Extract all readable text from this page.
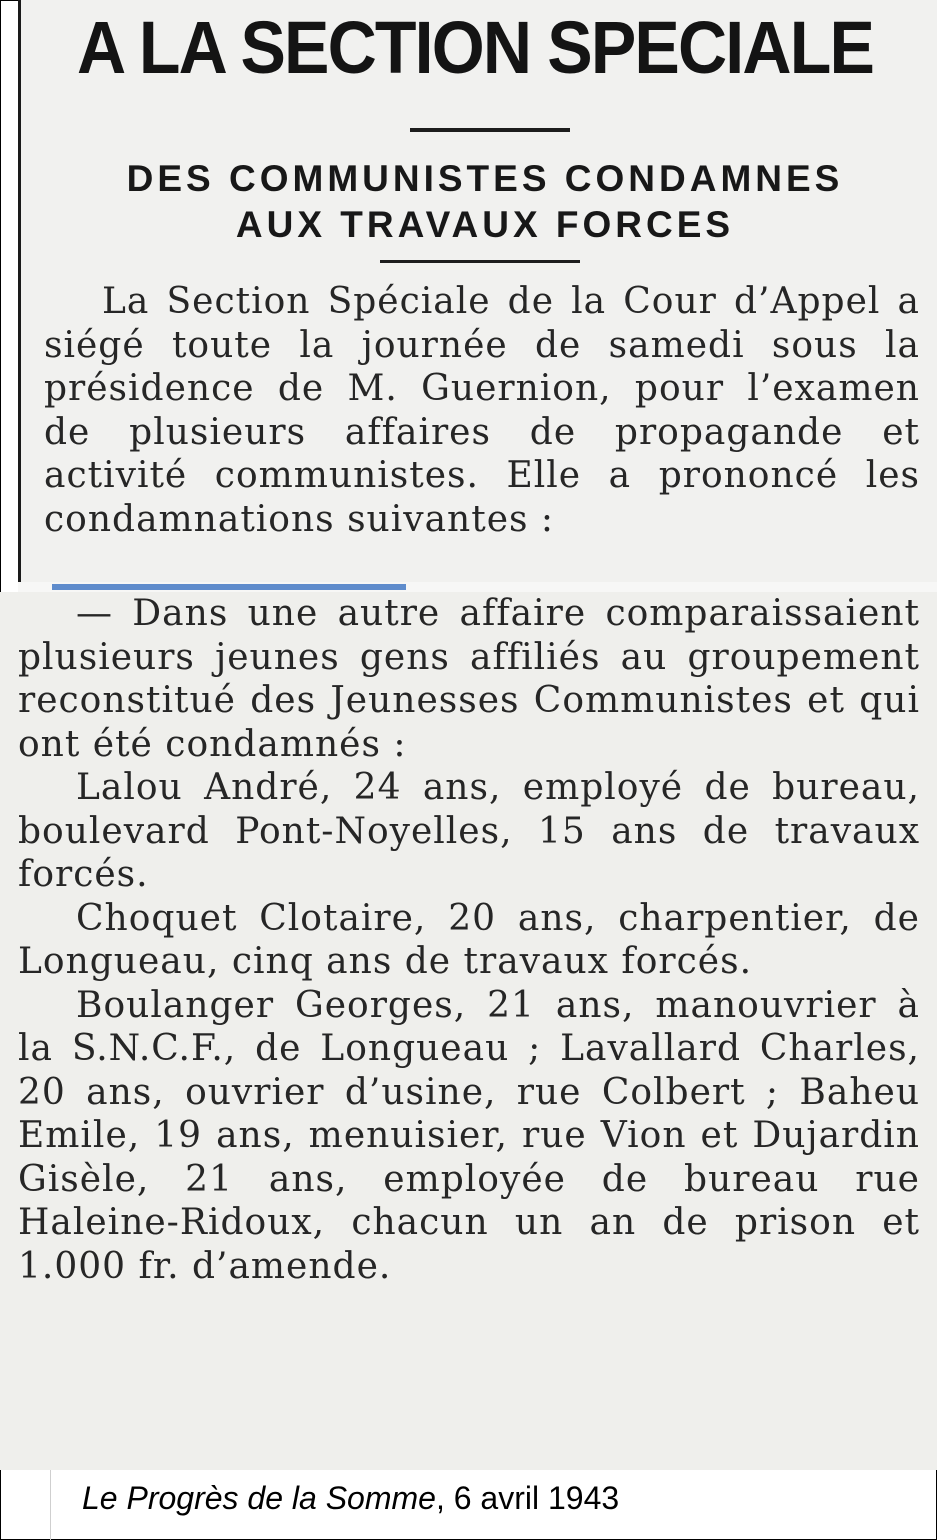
A LA SECTION SPECIALE
DES COMMUNISTES CONDAMNES
AUX TRAVAUX FORCES

La Section Spéciale de la Cour d’Appel a siégé toute la journée de samedi sous la présidence de M. Guernion, pour l’examen de plusieurs affaires de propagande et activité communistes. Elle a prononcé les condamnations suivantes :

— Dans une autre affaire comparaissaient plusieurs jeunes gens affiliés au groupement reconstitué des Jeunesses Communistes et qui ont été condamnés :

Lalou André, 24 ans, employé de bureau, boulevard Pont-Noyelles, 15 ans de travaux forcés.

Choquet Clotaire, 20 ans, charpentier, de Longueau, cinq ans de travaux forcés.

Boulanger Georges, 21 ans, manouvrier à la S.N.C.F., de Longueau ; Lavallard Charles, 20 ans, ouvrier d’usine, rue Colbert ; Baheu Emile, 19 ans, menuisier, rue Vion et Dujardin Gisèle, 21 ans, employée de bureau rue Haleine-Ridoux, chacun un an de prison et 1.000 fr. d’amende.

Le Progrès de la Somme, 6 avril 1943
